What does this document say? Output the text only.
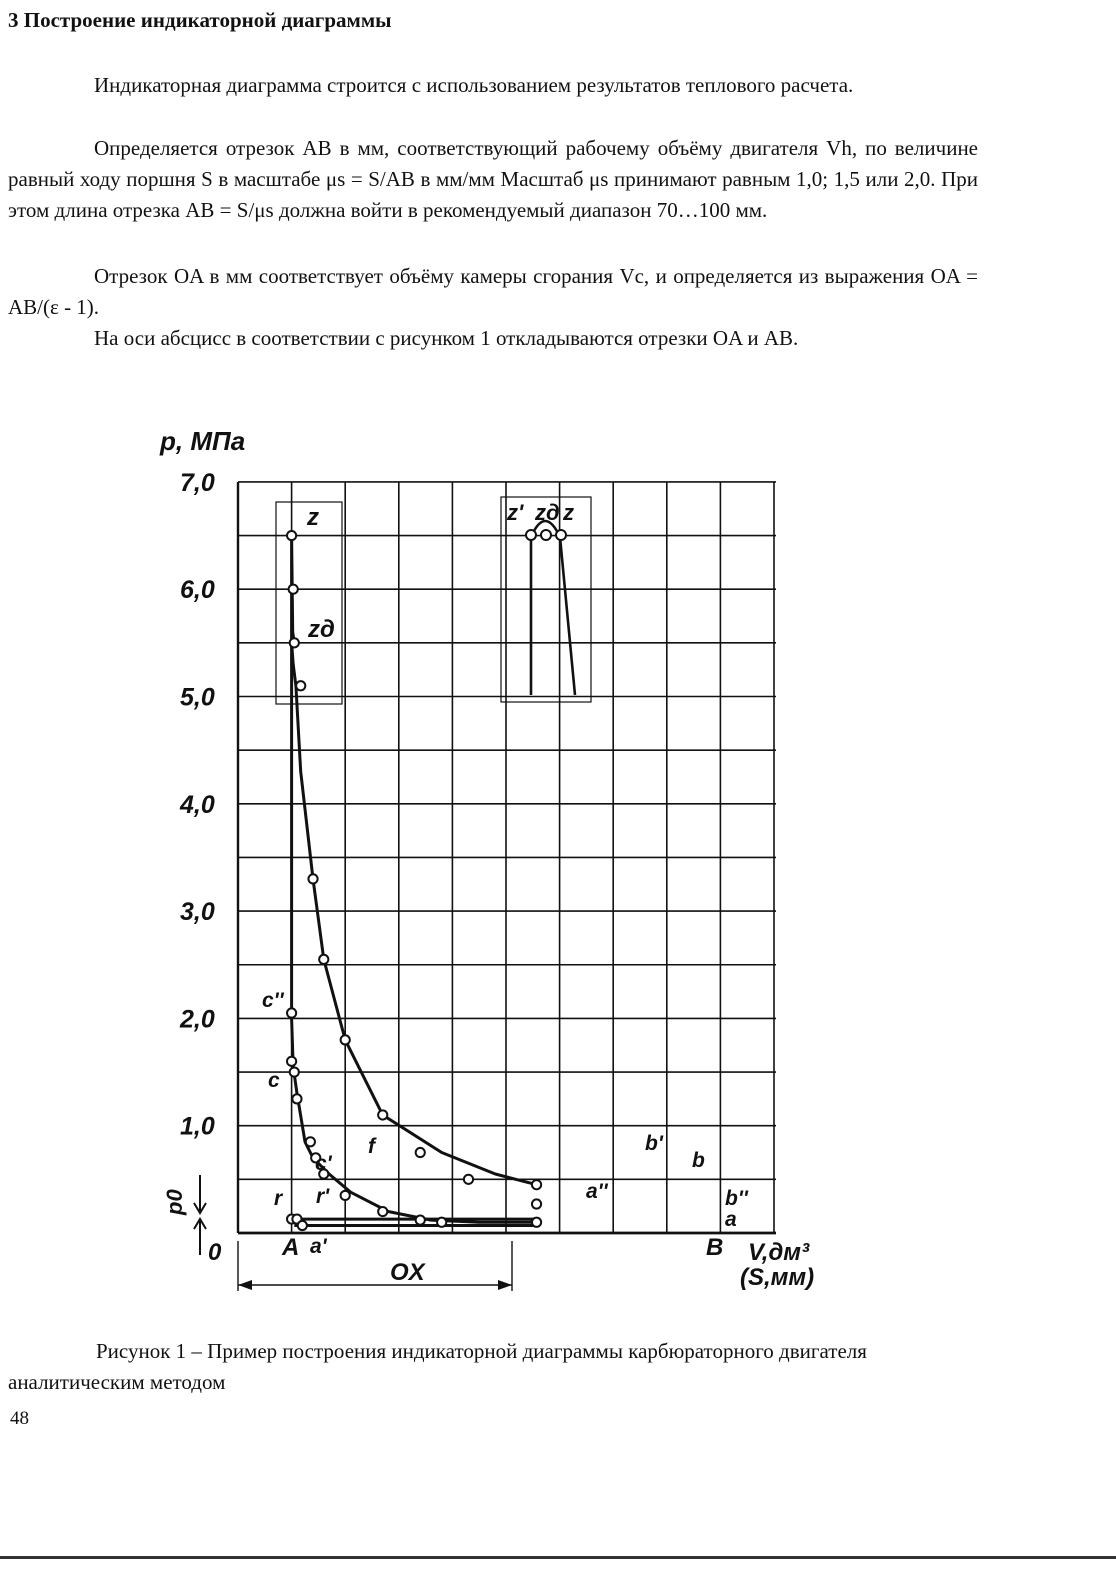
3 Построение индикаторной диаграммы

Индикаторная диаграмма строится с использованием результатов теплового расчета.

Определяется отрезок AB в мм, соответствующий рабочему объёму двигателя Vh, по величине равный ходу поршня S в масштабе μs = S/AB в мм/мм Масштаб μs принимают равным 1,0; 1,5 или 2,0. При этом длина отрезка AB = S/μs должна войти в рекомендуемый диапазон 70…100 мм.

Отрезок OA в мм соответствует объёму камеры сгорания Vc, и определяется из выражения OA = AB/(ε - 1).

На оси абсцисс в соответствии с рисунком 1 откладываются отрезки OA и AB.

p, МПа
V,дм³
(S,мм)
0	A	B
OX
p0
z
zд
c''
c
c'
f
r r'
a'
a''
b'
b
b''
a
z' zд z
7,0
6,0
5,0
4,0
3,0
2,0
1,0

Рисунок 1 – Пример построения индикаторной диаграммы карбюраторного двигателя аналитическим методом

48
